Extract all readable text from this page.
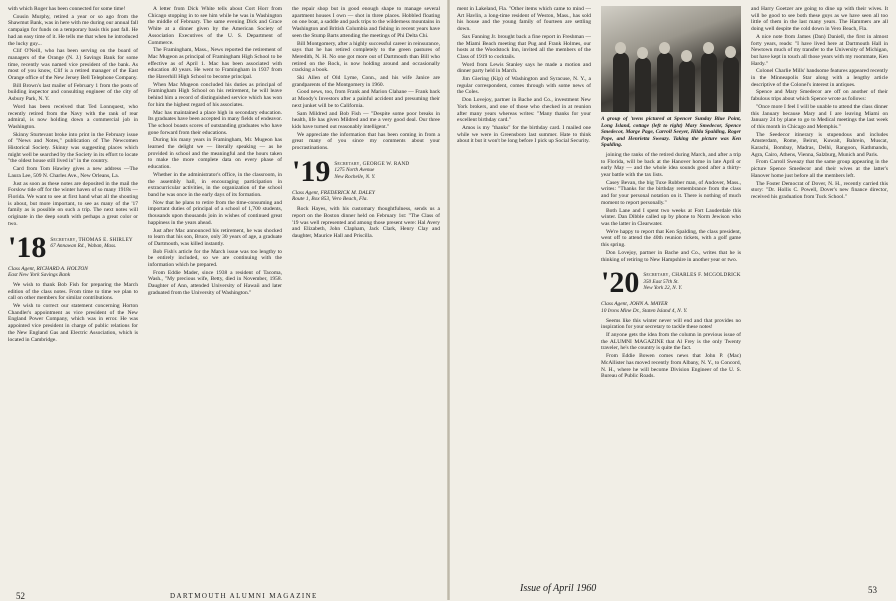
with which Roger has been connected for some time!

Cousin Murphy, retired a year or so ago from the Shawmut Bank, was in here with me during our annual fall campaign for funds on a temporary basis this past fall. He had an easy time of it. He tells me that when he introduced the lucky guy...

Clif O'Neill, who has been serving on the board of managers of the Orange (N. J.) Savings Bank for some time, recently was named vice president of the bank. As most of you know, Clif is a retired manager of the East Orange office of the New Jersey Bell Telephone Company.

Bill Brown's last mailer of February 1 from the posts of building inspector and consulting engineer of the city of Asbury Park, N. Y.

Word has been received that Ted Lonnquest, who recently retired from the Navy with the rank of rear admiral, is now holding down a commercial job in Washington.

Skinny Sturtevant broke into print in the February issue of "News and Notes," publication of The Newcomen Historical Society. Skinny was suggesting places which might well be searched by the Society in its effort to locate "the oldest house still lived in" in the country.

Card from Tom Hawley gives a new address —The Laura Lee, 509 N. Charles Ave., New Orleans, La.

Just as soon as these notes are deposited in the mail the Forslow tide off for the winter haven of so many 1918s — Florida. We want to see at first hand what all the shouting is about, but more important, to see as many of the '17 family as is possible on such a trip. The next notes will originate in the deep south with perhaps a great color or two.

'18 Secretary, THOMAS E. SHIRLEY
67 Annawan Rd., Waban, Mass.
Class Agent, RICHARD A. HOLTON
East New York Savings Bank

We wish to thank Bob Fish for preparing the March edition of the class notes. From time to time we plan to call on other members for similar contributions.

We wish to correct our statement concerning Horton Chandler's appointment as vice president of the New England Power Company, which was in error. He was appointed vice president in charge of public relations for the New England Gas and Electric Association, which is located in Cambridge.

A letter from Dick White tells about Cort Horr from Chicago stopping in to see him while he was in Washington the middle of February. The same evening Dick and Grace White at a dinner given by the American Society of Association Executives of the U. S. Department of Commerce.

The Framingham, Mass., News reported the retirement of Mac Mugeon as principal of Framingham High School to be effective as of April 1. Mac has been associated with education 40 years. He went to Framingham in 1937 from the Haverhill High School to become principal.

When Mac Mugeon concluded his duties as principal of Framingham High School on his retirement, he will leave behind him a record of distinguished service which has won for him the highest regard of his associates.

Mac has maintained a place high in secondary education. Its graduates have been accepted in many fields of endeavor. The school boasts scores of outstanding graduates who have gone forward from their educations.

During his many years in Framingham, Mr. Mugeon has learned the delight we — literally speaking — as he provided in school and the meaningful and the hours taken to make the more complete data on every phase of education.

Whether in the administrator's office, in the classroom, in the assembly hall, in encouraging participation in extracurricular activities, in the organization of the school band he was once in the early days of its formation.

Now that he plans to retire from the time-consuming and important duties of principal of a school of 1,700 students, thousands upon thousands join in wishes of continued great happiness in the years ahead.

Just after Mac announced his retirement, he was shocked to learn that his son, Bruce, only 30 years of age, a graduate of Dartmouth, was killed instantly.

Bob Fish's article for the March issue was too lengthy to be entirely included, so we are continuing with the information which he prepared.

From Eddie Mader, since 1938 a resident of Tacoma, Wash., "My precious wife, Betty, died in November, 1958. Daughter of Ann, attended University of Hawaii and later graduated from the University of Washington."

the repair shop but in good enough shape to manage several apartment houses I own — shot in three places. Hobbled floating on one boat, a saddle and pack trips to the wilderness mountains in Washington and British Columbia and fishing in recent years have seen the Stump Barts attending the meetings of Phi Delta Chi.

Bill Montgomery, after a highly successful career in reinsurance, says that he has retired completely to the green pastures of Meredith, N. H. No one got more out of Dartmouth than Bill who retired on the Rock, is now holding around and occasionally cracking a book.

Ski Allen of Old Lyme, Conn., and his wife Janice are grandparents of the Montgomery in 1960.

Good news, too, from Frank and Marion Clahane — Frank back at Moody's Investors after a painful accident and presuming their next junket will be to California.

Sam Mildred and Bob Fish — "Despite some poor breaks in health, life has given Mildred and me a very good deal. Our three kids have turned out reasonably intelligent."

We appreciate the information that has been coming in from a great many of you since my comments about your procrastinations.

'19 Secretary, GEORGE W. RAND
1275 North Avenue
New Rochelle, N. Y.
Class Agent, FREDERICK M. DALEY
Route 1, Box 853, Vero Beach, Fla.

Rock Hayes, with his customary thoughtfulness, sends us a report on the Boston dinner held on February 1st: "The Class of '19 was well represented and among those present were: Hal Avery and Elizabeth, John Clapham, Jack Clark, Henry Clay and daughter, Maurice Hall and Priscilla.

52	DARTMOUTH ALUMNI MAGAZINE

ment in Lakeland, Fla. "Other items which came to mind — Art Havlin, a long-time resident of Weston, Mass., has sold his house and the young family of fourteen are settling down.

Sax Fanning Jr. brought back a fine report in Freshman — the Miami Beach meeting that Pug and Frank Holmes, our hosts at the Woodstock Inn, invited all the members of the Class of 1919 to cocktails.

Word from Lewis Stanley says he made a motion and dinner party held in March.

Jim Giering (Kip) of Washington and Syracuse, N. Y., a regular correspondent, comes through with some news of the Coles.

Don Lovejoy, partner in Bache and Co., investment New York brokers, and one of those who checked in at reunion after many years whereas writes: "Many thanks for your excellent birthday card."

Amos is my "thanks" for the birthday card. I mailed one while we were in Greensboro last summer. Hate to think about it but it won't be long before I pick up Social Security.

A group of 'teens pictured at Spencer Sunday Blue Point, Long Island, cottage (left to right) Mary Smedecor, Spence Smedecor, Marge Page, Carroll Seeyer, Hilda Spalding, Roger Pope, and Henrietta Sweazy. Taking the picture was Ken Spalding.

joining the ranks of the retired during March, and after a trip to Florida, will be back at the Hanover home in late April or early May — and the whole idea sounds good after a thirty-year battle with the tax lists.

Casey Bevan, the big Tuxe Rubber man, of Andover, Mass., writes: "Thanks for the birthday remembrance from the class and for your personal notation on it. There is nothing of much moment to report personally."

Both Lane and I spent two weeks at Fort Lauderdale this winter. Dan Dibble called up by phone to Norm Jewison who was the latter in Clearwater.

We're happy to report that Ken Spalding, the class president, went off to attend the 40th reunion tickets, with a golf game this spring.

Don Lovejoy, partner in Bache and Co., writes that he is thinking of retiring to New Hampshire in another year or two.

'20 Secretary, CHARLES F. MCGOLDRICK
350 East 57th St.
New York 22, N. Y.
Class Agent, JOHN A. MAYER
10 Irons Mine Dr., Staten Island 4, N. Y.

Seems like this winter never will end and that provides no inspiration for your secretary to tackle these notes!

If anyone gets the idea from the column in previous issue of the ALUMNI MAGAZINE that Al Frey is the only Twenty traveler, he's the country is quite the fact.

From Eddie Bowen comes news that John P. (Mac) McAllister has moved recently from Albany, N. Y., to Concord, N. H., where he will become Division Engineer of the U. S. Bureau of Public Roads.

and Harry Goetzer are going to dine up with their wives. It will be good to see both these guys as we have seen all too little of them in the last many years. The Hammers are all doing well despite the cold down in Vero Beach, Fla.

A nice note from James (Dan) Daniell, the first in almost forty years, reads: "I have lived here at Dartmouth Hall in Newtown much of my transfer to the University of Michigan, but have kept in touch all those years with my roommate, Ken Hardy."

Colonel Charlie Mills' handsome features appeared recently in the Minneapolis Star along with a lengthy article descriptive of the Colonel's interest in antiques.

Spence and Mary Smedecor are off on another of their fabulous trips about which Spence wrote as follows:

"Once more I feel I will be unable to attend the class dinner this January because Mary and I are leaving Miami on January 24 by plane to go to Medical meetings the last week of this month in Chicago and Memphis."

The Seedecor itinerary is stupendous and includes Amsterdam, Rome, Beirut, Kuwait, Bahrein, Muscat, Karachi, Bombay, Madras, Delhi, Rangoon, Kathmandu, Agra, Cairo, Athens, Vienna, Salzburg, Munich and Paris.

From Carroll Sweazy that the same group appearing in the picture Spence Smedecor and their wives at the latter's Hanover home just before all the members left.

The Foster Democrat of Dover, N. H., recently carried this story: "Dr. Hollis C. Powell, Dover's new finance director, received his graduation from Tuck School."

Issue of April 1960	53
